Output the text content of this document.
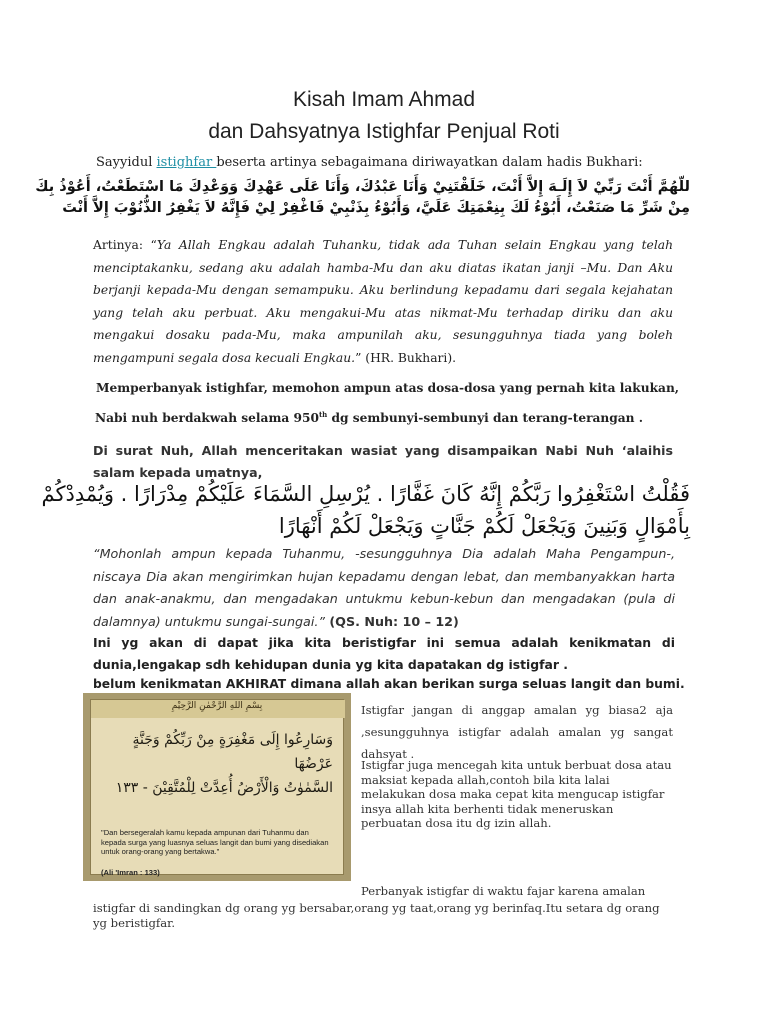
Kisah Imam Ahmad
dan Dahsyatnya Istighfar Penjual Roti
Sayyidul istighfar beserta artinya sebagaimana diriwayatkan dalam hadis Bukhari:
للّهُمَّ أَنْتَ رَبِّيْ لاَ إِلَـهَ إِلاَّ أَنْتَ، خَلَقْتَنِيْ وَأَنَا عَبْدُكَ، وَأَنَا عَلَى عَهْدِكَ وَوَعْدِكَ مَا اسْتَطَعْتُ، أَعُوْذُ بِكَ
مِنْ شَرِّ مَا صَنَعْتُ، أَبُوْءُ لَكَ بِنِعْمَتِكَ عَلَيَّ، وَأَبُوْءُ بِذَنْبِيْ فَاغْفِرْ لِيْ فَإِنَّهُ لاَ يَغْفِرُ الذُّنُوْبَ إِلاَّ أَنْتَ
Artinya: “Ya Allah Engkau adalah Tuhanku, tidak ada Tuhan selain Engkau yang telah menciptakanku, sedang aku adalah hamba-Mu dan aku diatas ikatan janji –Mu. Dan Aku berjanji kepada-Mu dengan semampuku. Aku berlindung kepadamu dari segala kejahatan yang telah aku perbuat. Aku mengakui-Mu atas nikmat-Mu terhadap diriku dan aku mengakui dosaku pada-Mu, maka ampunilah aku, sesungguhnya tiada yang boleh mengampuni segala dosa kecuali Engkau.” (HR. Bukhari).
Memperbanyak istighfar, memohon ampun atas dosa-dosa yang pernah kita lakukan,
Nabi nuh berdakwah selama 950th dg sembunyi-sembunyi dan terang-terangan .
Di surat Nuh, Allah menceritakan wasiat yang disampaikan Nabi Nuh ‘alaihis salam kepada umatnya,
فَقُلْتُ اسْتَغْفِرُوا رَبَّكُمْ إِنَّهُ كَانَ غَفَّارًا . يُرْسِلِ السَّمَاءَ عَلَيْكُمْ مِدْرَارًا . وَيُمْدِدْكُمْ
بِأَمْوَالٍ وَبَنِينَ وَيَجْعَلْ لَكُمْ جَنَّاتٍ وَيَجْعَلْ لَكُمْ أَنْهَارًا
“Mohonlah ampun kepada Tuhanmu, -sesungguhnya Dia adalah Maha Pengampun-, niscaya Dia akan mengirimkan hujan kepadamu dengan lebat, dan membanyakkan harta dan anak-anakmu, dan mengadakan untukmu kebun-kebun dan mengadakan (pula di dalamnya) untukmu sungai-sungai.” (QS. Nuh: 10 – 12)
Ini yg akan di dapat jika kita beristigfar ini semua adalah kenikmatan di dunia,lengakap sdh kehidupan dunia yg kita dapatakan dg istigfar .
belum kenikmatan AKHIRAT dimana allah akan berikan surga seluas langit dan bumi.
بِسْمِ اللهِ الرَّحْمٰنِ الرَّحِيْمِ
وَسَارِعُوا إِلَى مَغْفِرَةٍ مِنْ رَبِّكُمْ وَجَنَّةٍ عَرْضُهَا
السَّمٰوٰتُ وَالْأَرْضُ أُعِدَّتْ لِلْمُتَّقِيْنَ - ١٣٣
"Dan bersegeralah kamu kepada ampunan dari Tuhanmu dan kepada surga yang luasnya seluas langit dan bumi yang disediakan untuk orang-orang yang bertakwa."
(Ali 'Imran : 133)
Istigfar jangan di anggap amalan yg biasa2 aja ,sesungguhnya istigfar adalah amalan yg sangat dahsyat .
Istigfar juga mencegah kita untuk berbuat dosa atau maksiat kepada allah,contoh bila kita lalai melakukan dosa maka cepat kita mengucap istigfar insya allah kita berhenti tidak meneruskan perbuatan dosa itu dg izin allah.
Perbanyak istigfar di waktu fajar karena amalan
istigfar di sandingkan dg orang yg bersabar,orang yg taat,orang yg berinfaq.Itu setara dg orang yg beristigfar.
